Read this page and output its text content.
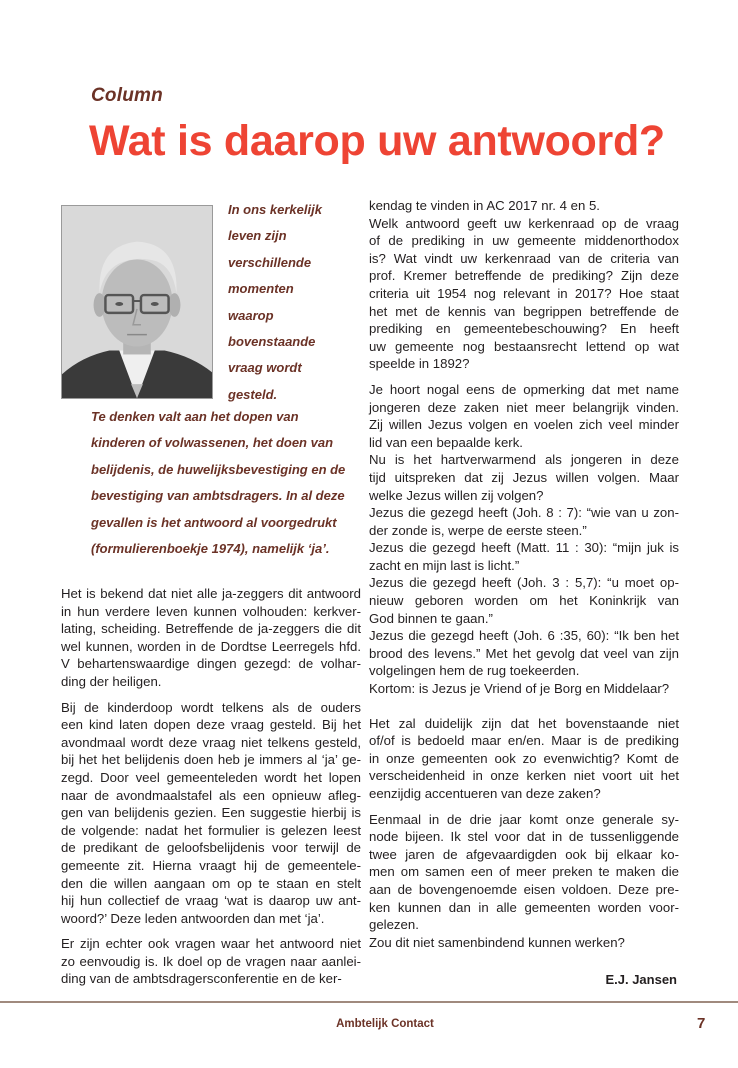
Column
Wat is daarop uw antwoord?
In ons kerkelijk
leven zijn
verschillende
momenten
waarop
bovenstaande
vraag wordt
gesteld.
Te denken valt aan het dopen van
kinderen of volwassenen, het doen van
belijdenis, de huwelijksbevestiging en de
bevestiging van ambtsdragers. In al deze
gevallen is het antwoord al voorgedrukt
(formulierenboekje 1974), namelijk ‘ja’.

Het is bekend dat niet alle ja-zeggers dit antwoord
in hun verdere leven kunnen volhouden: kerkver-
lating, scheiding. Betreffende de ja-zeggers die dit
wel kunnen, worden in de Dordtse Leerregels hfd.
V behartenswaardige dingen gezegd: de volhar-
ding der heiligen.

Bij de kinderdoop wordt telkens als de ouders
een kind laten dopen deze vraag gesteld. Bij het
avondmaal wordt deze vraag niet telkens gesteld,
bij het het belijdenis doen heb je immers al ‘ja’ ge-
zegd. Door veel gemeenteleden wordt het lopen
naar de avondmaalstafel als een opnieuw afleg-
gen van belijdenis gezien. Een suggestie hierbij is
de volgende: nadat het formulier is gelezen leest
de predikant de geloofsbelijdenis voor terwijl de
gemeente zit. Hierna vraagt hij de gemeentele-
den die willen aangaan om op te staan en stelt
hij hun collectief de vraag ‘wat is daarop uw ant-
woord?’ Deze leden antwoorden dan met ‘ja’.

Er zijn echter ook vragen waar het antwoord niet
zo eenvoudig is. Ik doel op de vragen naar aanlei-
ding van de ambtsdragersconferentie en de ker-

kendag te vinden in AC 2017 nr. 4 en 5.
Welk antwoord geeft uw kerkenraad op de vraag
of de prediking in uw gemeente middenorthodox
is? Wat vindt uw kerkenraad van de criteria van
prof. Kremer betreffende de prediking? Zijn deze
criteria uit 1954 nog relevant in 2017? Hoe staat
het met de kennis van begrippen betreffende de
prediking en gemeentebeschouwing? En heeft
uw gemeente nog bestaansrecht lettend op wat
speelde in 1892?

Je hoort nogal eens de opmerking dat met name
jongeren deze zaken niet meer belangrijk vinden.
Zij willen Jezus volgen en voelen zich veel minder
lid van een bepaalde kerk.
Nu is het hartverwarmend als jongeren in deze
tijd uitspreken dat zij Jezus willen volgen. Maar
welke Jezus willen zij volgen?
Jezus die gezegd heeft (Joh. 8 : 7): “wie van u zon-
der zonde is, werpe de eerste steen.”
Jezus die gezegd heeft (Matt. 11 : 30): “mijn juk is
zacht en mijn last is licht.”
Jezus die gezegd heeft (Joh. 3 : 5,7): “u moet op-
nieuw geboren worden om het Koninkrijk van
God binnen te gaan.”
Jezus die gezegd heeft (Joh. 6 :35, 60): “Ik ben het
brood des levens.” Met het gevolg dat veel van zijn
volgelingen hem de rug toekeerden.
Kortom: is Jezus je Vriend of je Borg en Middelaar?

Het zal duidelijk zijn dat het bovenstaande niet
of/of is bedoeld maar en/en. Maar is de prediking
in onze gemeenten ook zo evenwichtig? Komt de
verscheidenheid in onze kerken niet voort uit het
eenzijdig accentueren van deze zaken?

Eenmaal in de drie jaar komt onze generale sy-
node bijeen. Ik stel voor dat in de tussenliggende
twee jaren de afgevaardigden ook bij elkaar ko-
men om samen een of meer preken te maken die
aan de bovengenoemde eisen voldoen. Deze pre-
ken kunnen dan in alle gemeenten worden voor-
gelezen.
Zou dit niet samenbindend kunnen werken?

E.J. Jansen
Ambtelijk Contact	7
